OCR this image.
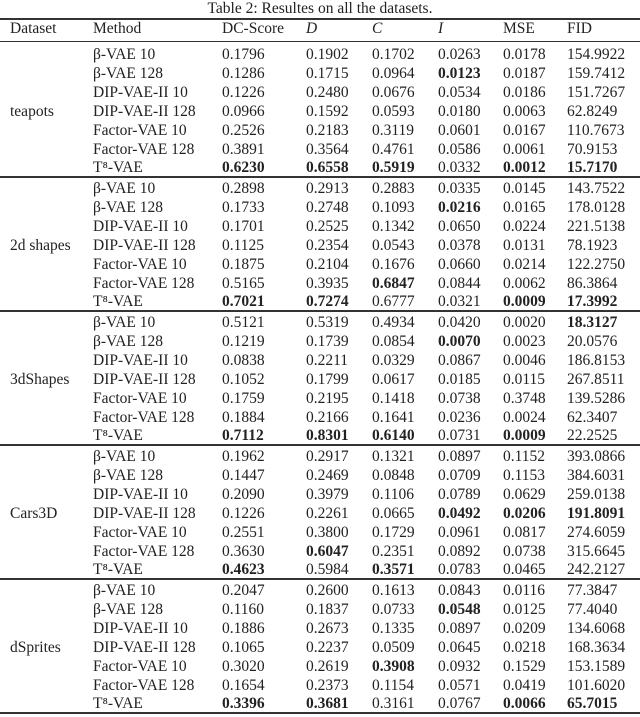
Table 2: Resultes on all the datasets.
Dataset Method	DC-Score D	C	I	MSE FID
teapots
β-VAE 10	0.1796	0.1902 0.1702 0.0263 0.0178 154.9922
β-VAE 128	0.1286	0.1715 0.0964 0.0123 0.0187 159.7412
DIP-VAE-II 10 0.1226	0.2480 0.0676 0.0534 0.0186 151.7267
DIP-VAE-II 128 0.0966	0.1592 0.0593 0.0180 0.0063 62.8249
Factor-VAE 10 0.2526	0.2183 0.3119 0.0601 0.0167 110.7673
Factor-VAE 128 0.3891	0.3564 0.4761 0.0586 0.0061 70.9153
T⁸-VAE	0.6230	0.6558 0.5919 0.0332 0.0012 15.7170
2d shapes
β-VAE 10	0.2898	0.2913 0.2883 0.0335 0.0145 143.7522
β-VAE 128	0.1733	0.2748 0.1093 0.0216 0.0165 178.0128
DIP-VAE-II 10 0.1701	0.2525 0.1342 0.0650 0.0224 221.5138
DIP-VAE-II 128 0.1125	0.2354 0.0543 0.0378 0.0131 78.1923
Factor-VAE 10 0.1875	0.2104 0.1676 0.0660 0.0214 122.2750
Factor-VAE 128 0.5165	0.3935 0.6847 0.0844 0.0062 86.3864
T⁸-VAE	0.7021	0.7274 0.6777 0.0321 0.0009 17.3992
3dShapes
β-VAE 10	0.5121	0.5319 0.4934 0.0420 0.0020 18.3127
β-VAE 128	0.1219	0.1739 0.0854 0.0070 0.0023 20.0576
DIP-VAE-II 10 0.0838	0.2211 0.0329 0.0867 0.0046 186.8153
DIP-VAE-II 128 0.1052	0.1799 0.0617 0.0185 0.0115 267.8511
Factor-VAE 10 0.1759	0.2195 0.1418 0.0738 0.3748 139.5286
Factor-VAE 128 0.1884	0.2166 0.1641 0.0236 0.0024 62.3407
T⁸-VAE	0.7112	0.8301 0.6140 0.0731 0.0009 22.2525
Cars3D
β-VAE 10	0.1962	0.2917 0.1321 0.0897 0.1152 393.0866
β-VAE 128	0.1447	0.2469 0.0848 0.0709 0.1153 384.6031
DIP-VAE-II 10 0.2090	0.3979 0.1106 0.0789 0.0629 259.0138
DIP-VAE-II 128 0.1226	0.2261 0.0665 0.0492 0.0206 191.8091
Factor-VAE 10 0.2551	0.3800 0.1729 0.0961 0.0817 274.6059
Factor-VAE 128 0.3630	0.6047 0.2351 0.0892 0.0738 315.6645
T⁸-VAE	0.4623	0.5984 0.3571 0.0783 0.0465 242.2127
dSprites
β-VAE 10	0.2047	0.2600 0.1613 0.0843 0.0116 77.3847
β-VAE 128	0.1160	0.1837 0.0733 0.0548 0.0125 77.4040
DIP-VAE-II 10 0.1886	0.2673 0.1335 0.0897 0.0209 134.6068
DIP-VAE-II 128 0.1065	0.2237 0.0509 0.0645 0.0218 168.3634
Factor-VAE 10 0.3020	0.2619 0.3908 0.0932 0.1529 153.1589
Factor-VAE 128 0.1654	0.2373 0.1154 0.0571 0.0419 101.6020
T⁸-VAE	0.3396	0.3681 0.3161 0.0767 0.0066 65.7015
